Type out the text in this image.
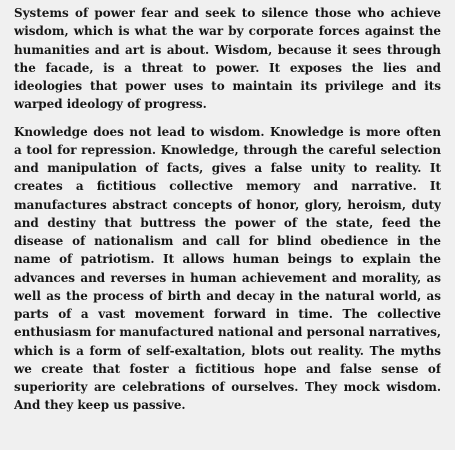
Systems of power fear and seek to silence those who achieve
wisdom, which is what the war by corporate forces against the
humanities and art is about. Wisdom, because it sees through
the facade, is a threat to power. It exposes the lies and
ideologies that power uses to maintain its privilege and its
warped ideology of progress.

Knowledge does not lead to wisdom. Knowledge is more often
a tool for repression. Knowledge, through the careful selection
and manipulation of facts, gives a false unity to reality. It
creates a fictitious collective memory and narrative. It
manufactures abstract concepts of honor, glory, heroism, duty
and destiny that buttress the power of the state, feed the
disease of nationalism and call for blind obedience in the
name of patriotism. It allows human beings to explain the
advances and reverses in human achievement and morality, as
well as the process of birth and decay in the natural world, as
parts of a vast movement forward in time. The collective
enthusiasm for manufactured national and personal narratives,
which is a form of self-exaltation, blots out reality. The myths
we create that foster a fictitious hope and false sense of
superiority are celebrations of ourselves. They mock wisdom.
And they keep us passive.
